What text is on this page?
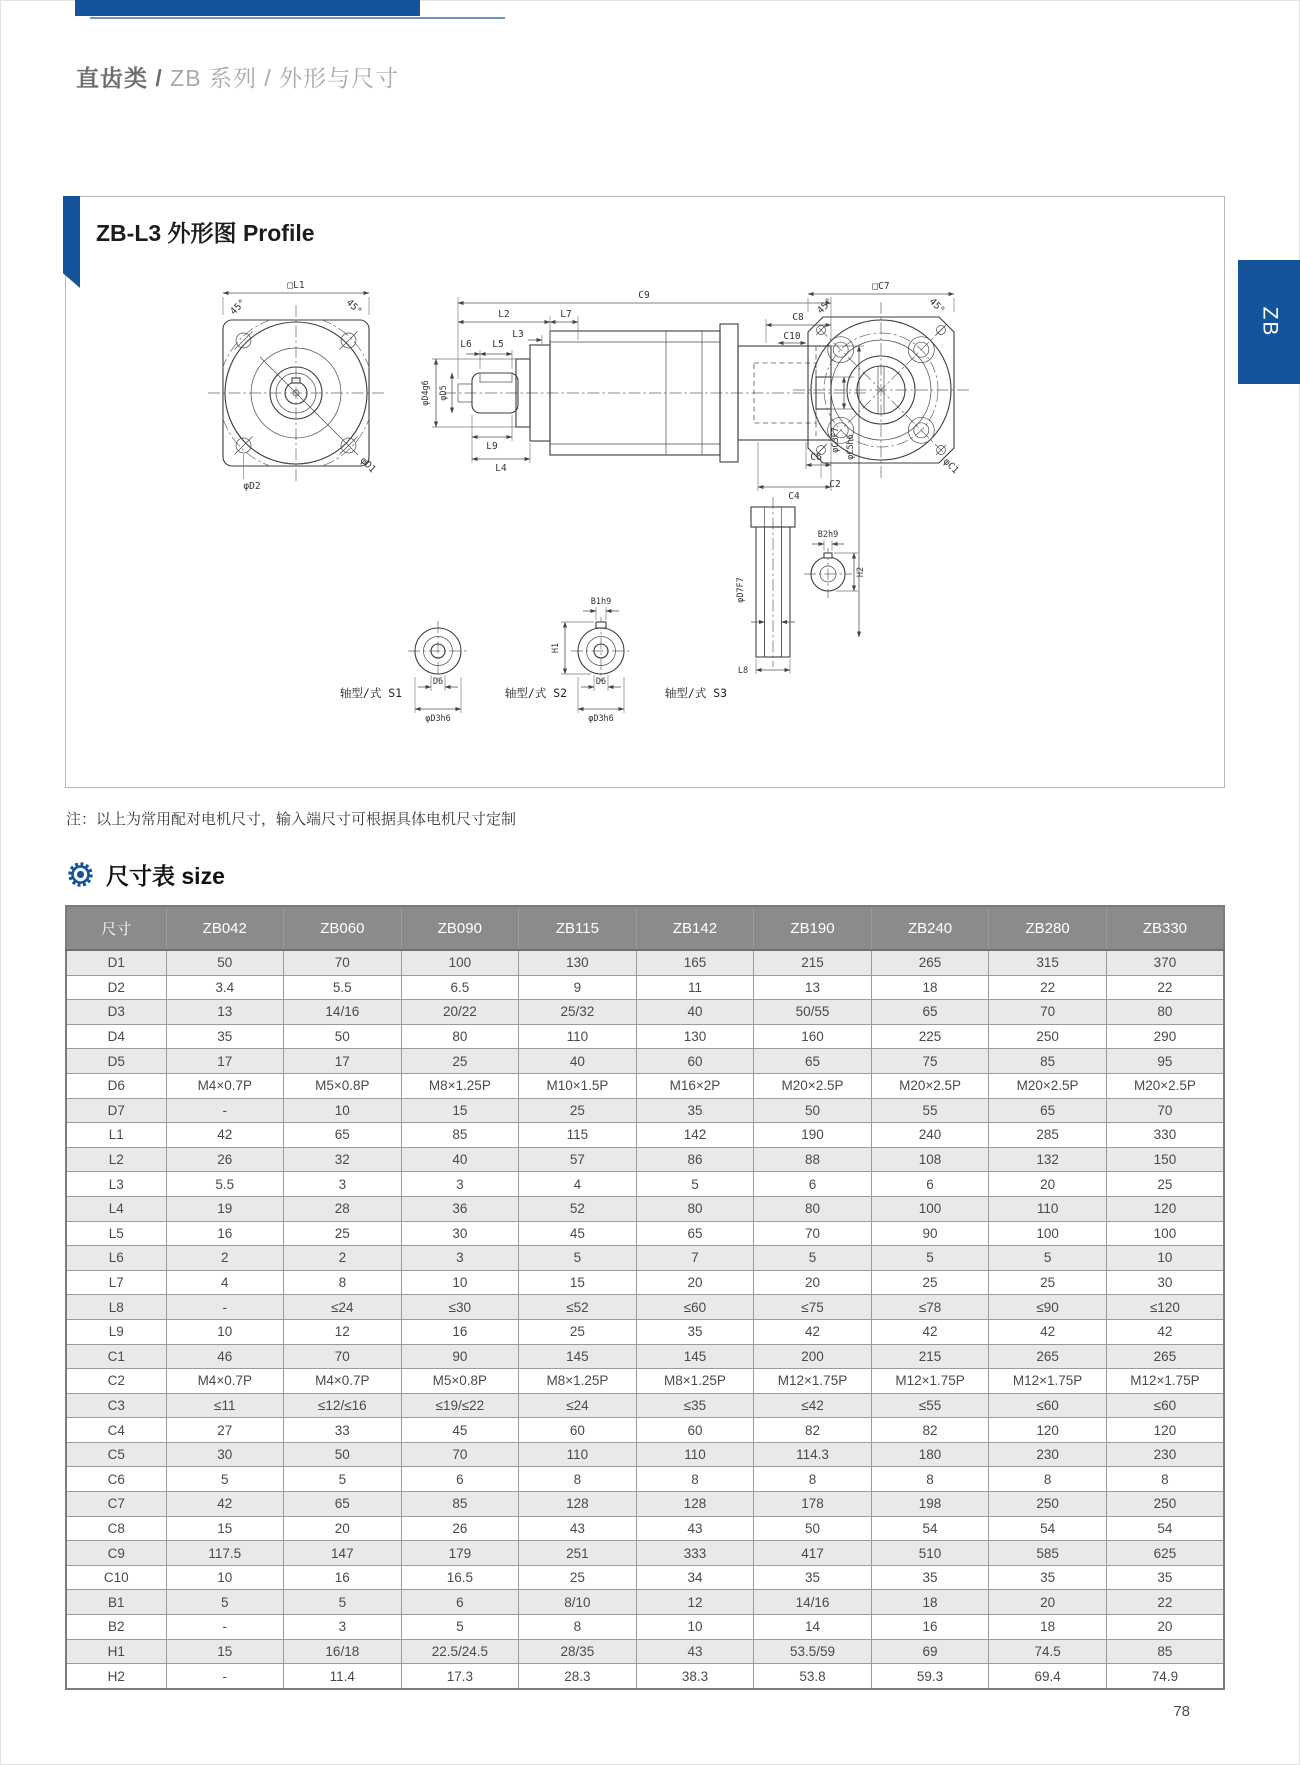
直齿类 / ZB 系列 / 外形与尺寸
ZB-L3 外形图 Profile
□L1
45°	45°
φD1
φD2
C9
L2	L7
L3
L6 L5
φD4g6 φD5
L9
L4
C8
C10
C6
C4
φC3F7 φC5h6
□C7
45°	45°
C2
φC1
D6
φD3h6
轴型/式 S1
B1h9
H1
D6
φD3h6
轴型/式 S2
φD7F7
L8
B2h9
H2
轴型/式 S3
注：以上为常用配对电机尺寸，输入端尺寸可根据具体电机尺寸定制
尺寸表 size
尺寸	ZB042	ZB060	ZB090	ZB115	ZB142	ZB190	ZB240	ZB280	ZB330
D1	50	70	100	130	165	215	265	315	370
D2	3.4	5.5	6.5	9	11	13	18	22	22
D3	13	14/16	20/22	25/32	40	50/55	65	70	80
D4	35	50	80	110	130	160	225	250	290
D5	17	17	25	40	60	65	75	85	95
D6	M4×0.7P	M5×0.8P	M8×1.25P	M10×1.5P	M16×2P	M20×2.5P	M20×2.5P	M20×2.5P	M20×2.5P
D7	-	10	15	25	35	50	55	65	70
L1	42	65	85	115	142	190	240	285	330
L2	26	32	40	57	86	88	108	132	150
L3	5.5	3	3	4	5	6	6	20	25
L4	19	28	36	52	80	80	100	110	120
L5	16	25	30	45	65	70	90	100	100
L6	2	2	3	5	7	5	5	5	10
L7	4	8	10	15	20	20	25	25	30
L8	-	≤24	≤30	≤52	≤60	≤75	≤78	≤90	≤120
L9	10	12	16	25	35	42	42	42	42
C1	46	70	90	145	145	200	215	265	265
C2	M4×0.7P	M4×0.7P	M5×0.8P	M8×1.25P	M8×1.25P	M12×1.75P	M12×1.75P	M12×1.75P	M12×1.75P
C3	≤11	≤12/≤16	≤19/≤22	≤24	≤35	≤42	≤55	≤60	≤60
C4	27	33	45	60	60	82	82	120	120
C5	30	50	70	110	110	114.3	180	230	230
C6	5	5	6	8	8	8	8	8	8
C7	42	65	85	128	128	178	198	250	250
C8	15	20	26	43	43	50	54	54	54
C9	117.5	147	179	251	333	417	510	585	625
C10	10	16	16.5	25	34	35	35	35	35
B1	5	5	6	8/10	12	14/16	18	20	22
B2	-	3	5	8	10	14	16	18	20
H1	15	16/18	22.5/24.5	28/35	43	53.5/59	69	74.5	85
H2	-	11.4	17.3	28.3	38.3	53.8	59.3	69.4	74.9
ZB
78
